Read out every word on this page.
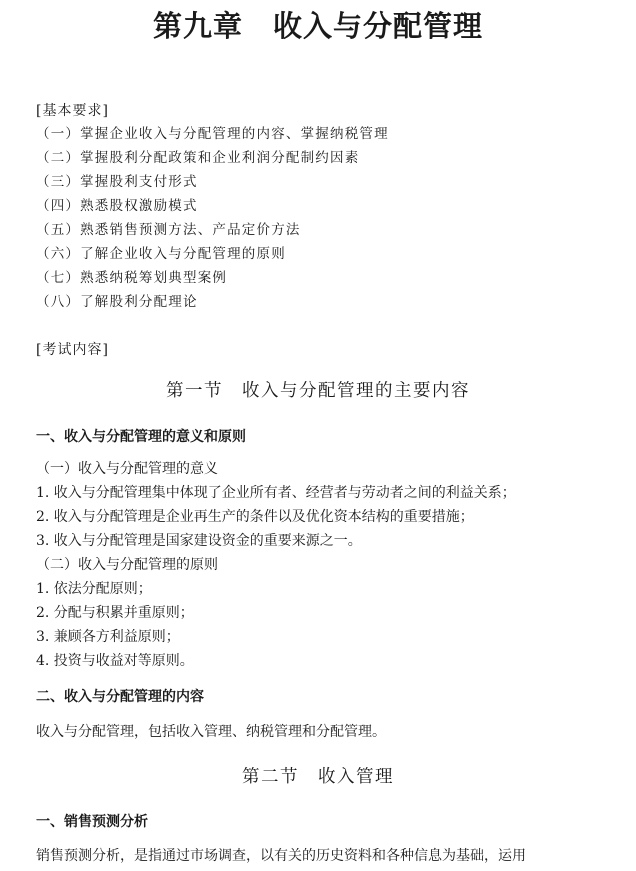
第九章　收入与分配管理
[基本要求]
（一）掌握企业收入与分配管理的内容、掌握纳税管理
（二）掌握股利分配政策和企业利润分配制约因素
（三）掌握股利支付形式
（四）熟悉股权激励模式
（五）熟悉销售预测方法、产品定价方法
（六）了解企业收入与分配管理的原则
（七）熟悉纳税筹划典型案例
（八）了解股利分配理论
[考试内容]
第一节　收入与分配管理的主要内容
一、收入与分配管理的意义和原则
（一）收入与分配管理的意义
1. 收入与分配管理集中体现了企业所有者、经营者与劳动者之间的利益关系；
2. 收入与分配管理是企业再生产的条件以及优化资本结构的重要措施；
3. 收入与分配管理是国家建设资金的重要来源之一。
（二）收入与分配管理的原则
1. 依法分配原则；
2. 分配与积累并重原则；
3. 兼顾各方利益原则；
4. 投资与收益对等原则。
二、收入与分配管理的内容
收入与分配管理，包括收入管理、纳税管理和分配管理。
第二节　收入管理
一、销售预测分析
销售预测分析，是指通过市场调查，以有关的历史资料和各种信息为基础，运用
